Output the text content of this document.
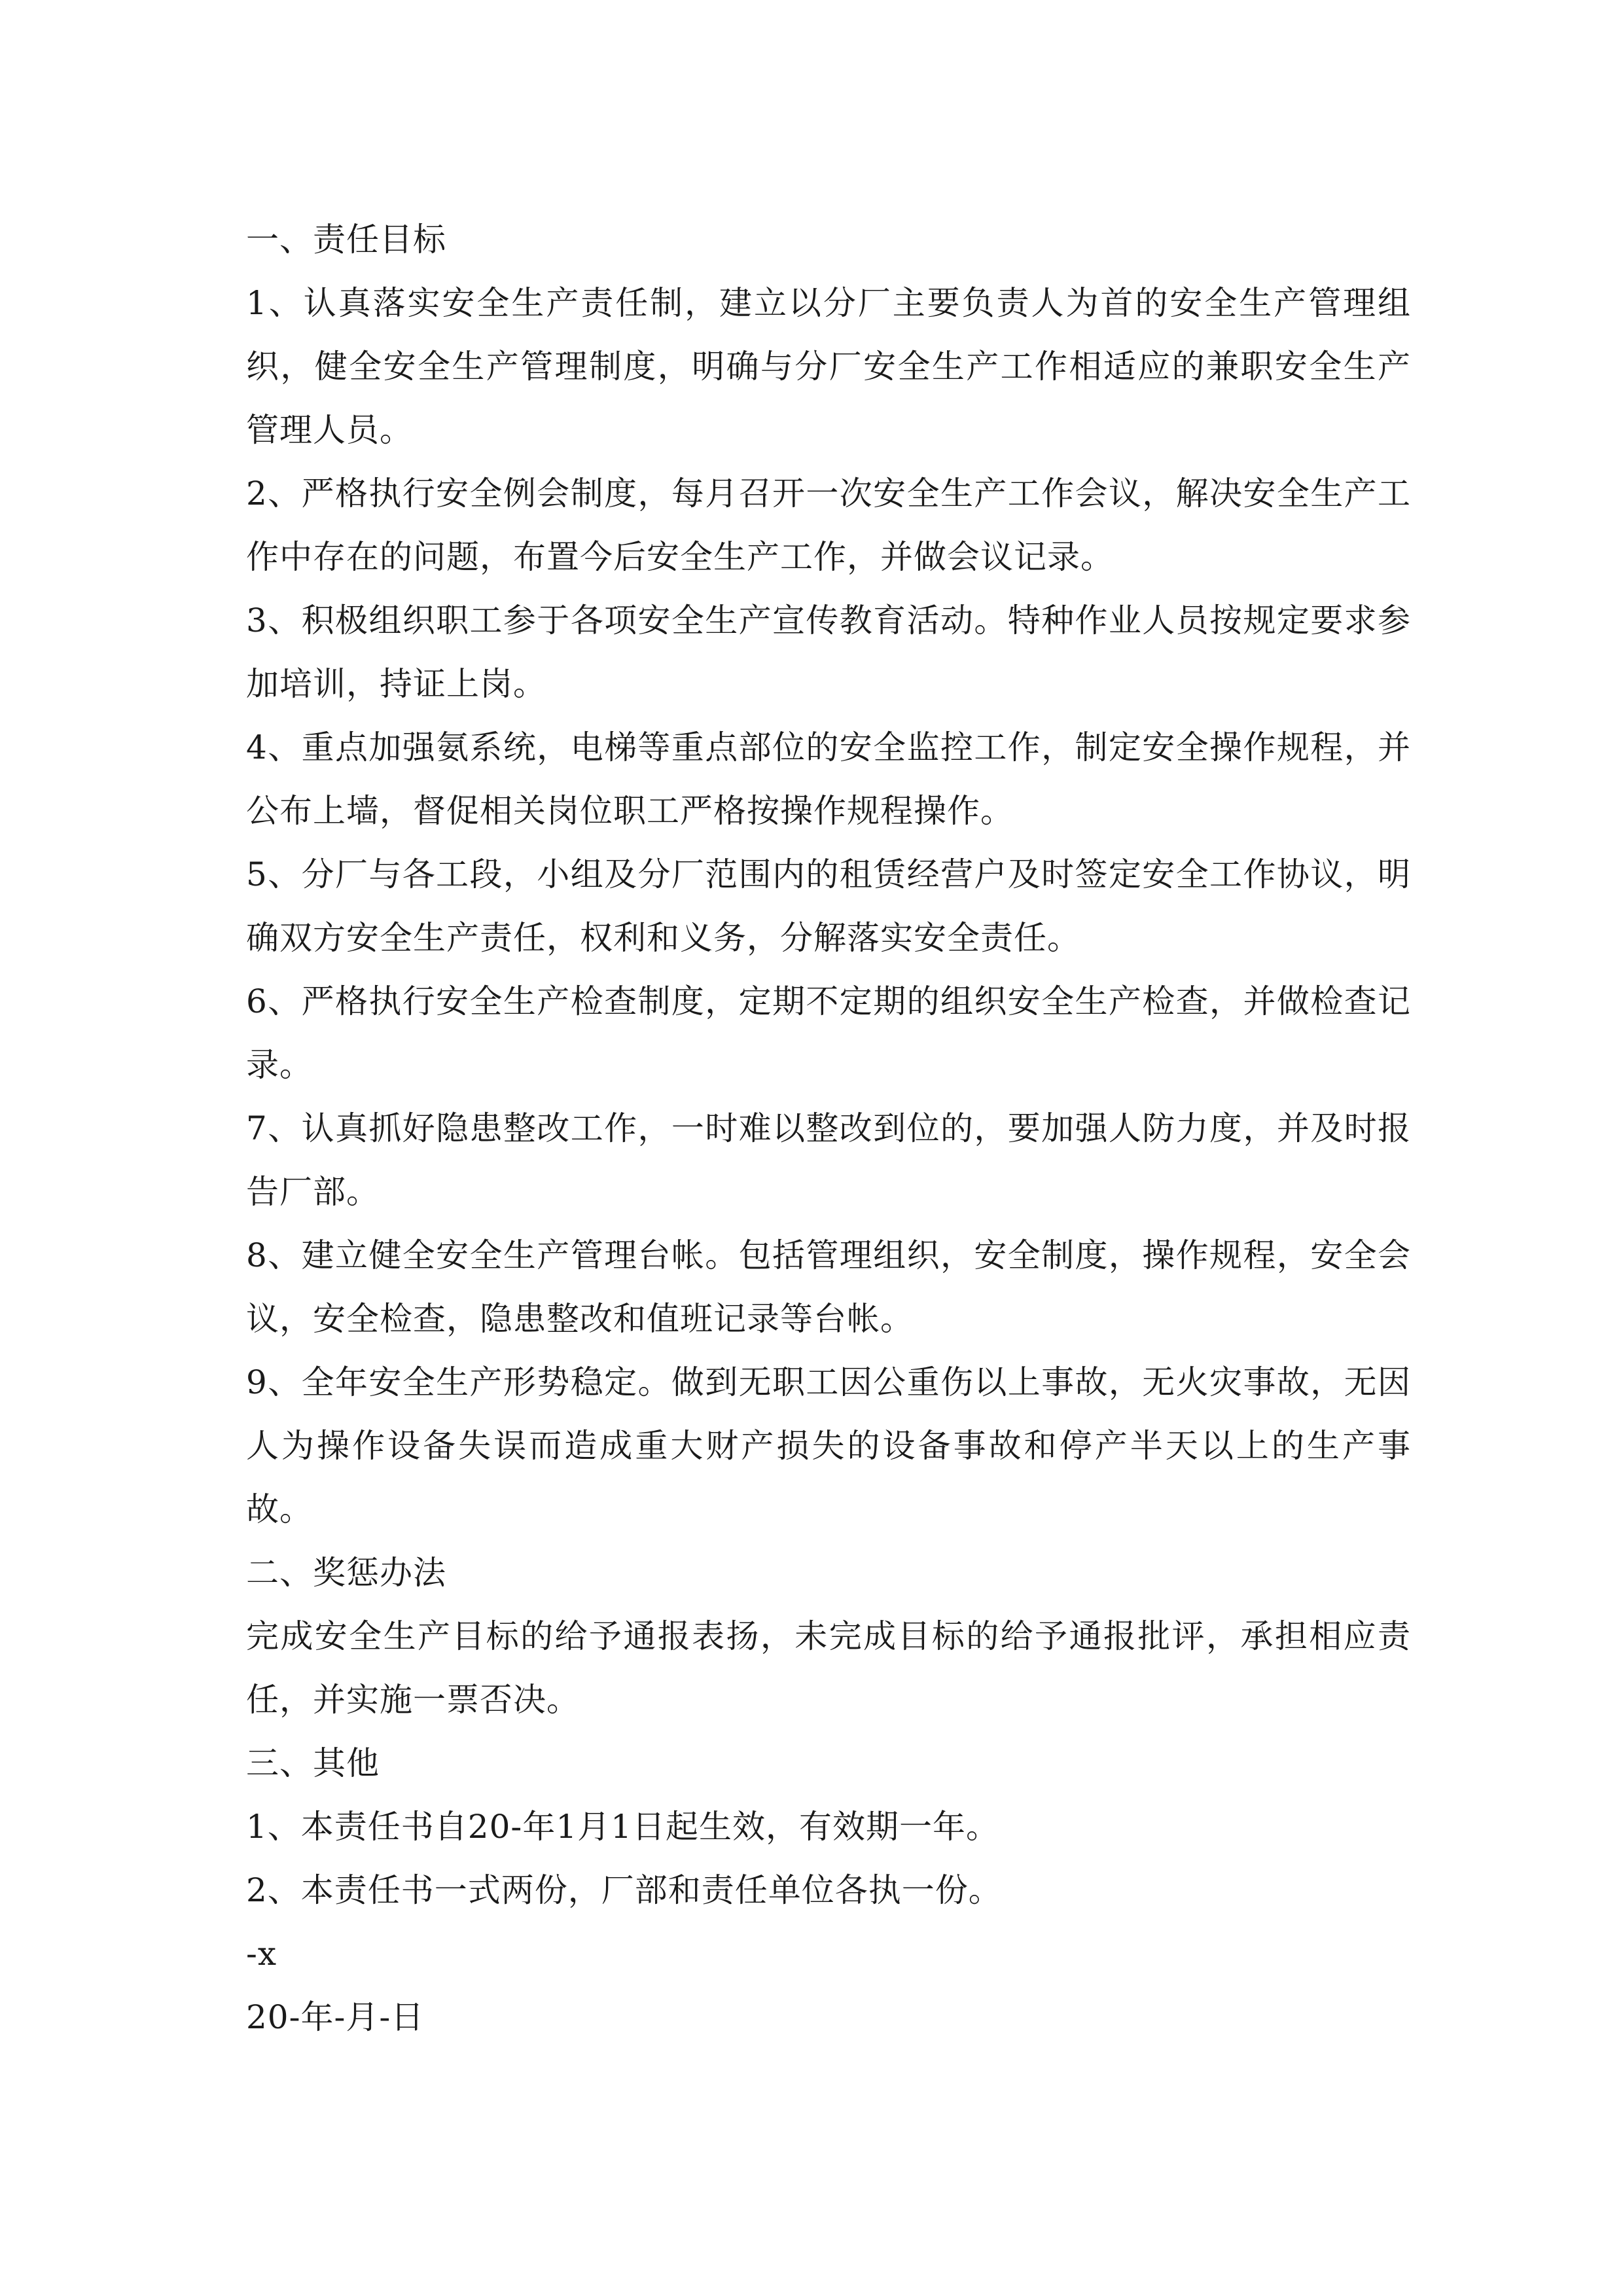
一、责任目标

1、认真落实安全生产责任制，建立以分厂主要负责人为首的安全生产管理组织，健全安全生产管理制度，明确与分厂安全生产工作相适应的兼职安全生产管理人员。

2、严格执行安全例会制度，每月召开一次安全生产工作会议，解决安全生产工作中存在的问题，布置今后安全生产工作，并做会议记录。

3、积极组织职工参于各项安全生产宣传教育活动。特种作业人员按规定要求参加培训，持证上岗。

4、重点加强氨系统，电梯等重点部位的安全监控工作，制定安全操作规程，并公布上墙，督促相关岗位职工严格按操作规程操作。

5、分厂与各工段，小组及分厂范围内的租赁经营户及时签定安全工作协议，明确双方安全生产责任，权利和义务，分解落实安全责任。

6、严格执行安全生产检查制度，定期不定期的组织安全生产检查，并做检查记录。

7、认真抓好隐患整改工作，一时难以整改到位的，要加强人防力度，并及时报告厂部。

8、建立健全安全生产管理台帐。包括管理组织，安全制度，操作规程，安全会议，安全检查，隐患整改和值班记录等台帐。

9、全年安全生产形势稳定。做到无职工因公重伤以上事故，无火灾事故，无因人为操作设备失误而造成重大财产损失的设备事故和停产半天以上的生产事故。

二、奖惩办法

完成安全生产目标的给予通报表扬，未完成目标的给予通报批评，承担相应责任，并实施一票否决。

三、其他

1、本责任书自20-年1月1日起生效，有效期一年。

2、本责任书一式两份，厂部和责任单位各执一份。

-x

20-年-月-日
